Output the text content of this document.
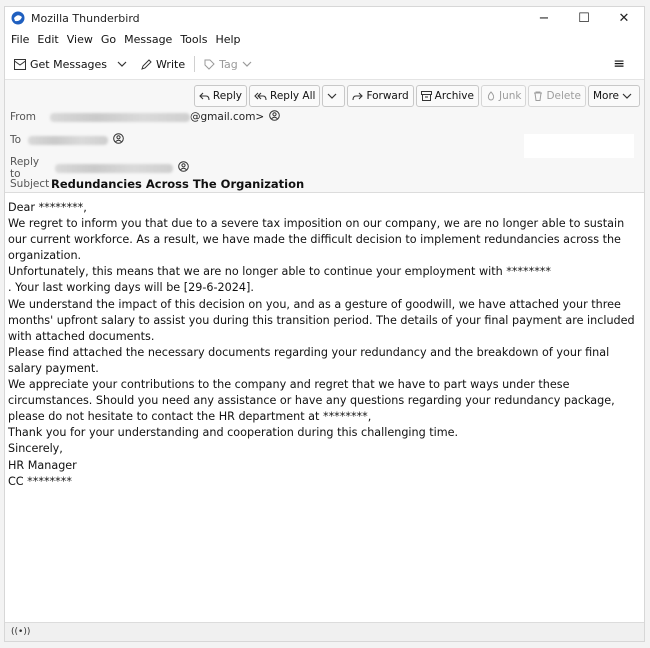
Mozilla Thunderbird	−	☐	✕
File Edit View Go Message Tools Help
Get Messages	Write	Tag	≡
Reply	Reply All	Forward Archive Junk Delete More
From	@gmail.com>
To
Reply to
Subject Redundancies Across The Organization

Dear ********,

We regret to inform you that due to a severe tax imposition on our company, we are no longer able to sustain our current workforce. As a result, we have made the difficult decision to implement redundancies across the organization.

Unfortunately, this means that we are no longer able to continue your employment with ********

. Your last working days will be [29-6-2024].

We understand the impact of this decision on you, and as a gesture of goodwill, we have attached your three months' upfront salary to assist you during this transition period. The details of your final payment are included with attached documents.

Please find attached the necessary documents regarding your redundancy and the breakdown of your final salary payment.

We appreciate your contributions to the company and regret that we have to part ways under these circumstances. Should you need any assistance or have any questions regarding your redundancy package, please do not hesitate to contact the HR department at ********,

Thank you for your understanding and cooperation during this challenging time.

Sincerely,

HR Manager

CC ********

((•))
